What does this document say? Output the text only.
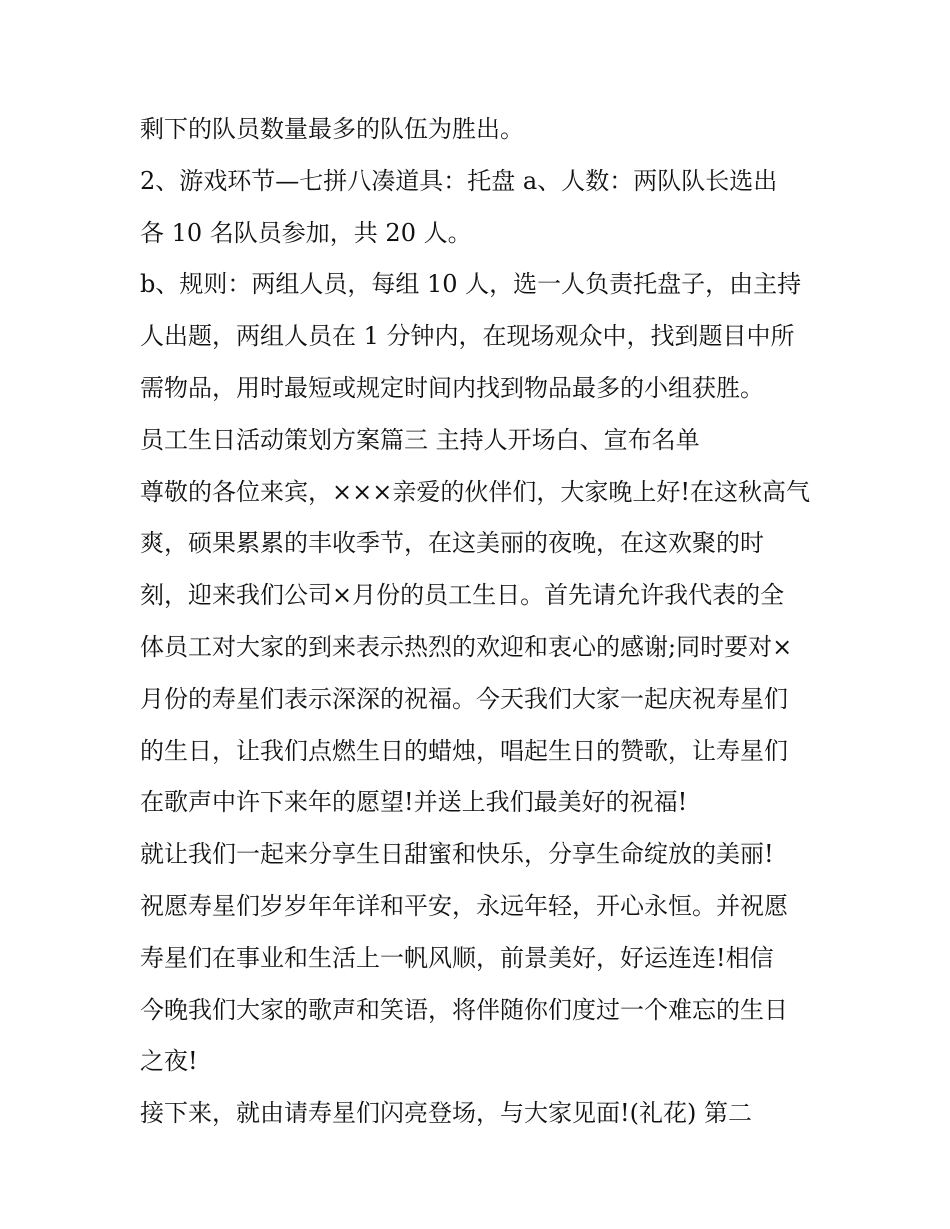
剩下的队员数量最多的队伍为胜出。
2、游戏环节—七拼八凑道具：托盘 a、人数：两队队长选出
各 10 名队员参加，共 20 人。
b、规则：两组人员，每组 10 人，选一人负责托盘子，由主持
人出题，两组人员在 1 分钟内，在现场观众中，找到题目中所
需物品，用时最短或规定时间内找到物品最多的小组获胜。
员工生日活动策划方案篇三 主持人开场白、宣布名单
尊敬的各位来宾，×××亲爱的伙伴们，大家晚上好!在这秋高气
爽，硕果累累的丰收季节，在这美丽的夜晚，在这欢聚的时
刻，迎来我们公司×月份的员工生日。首先请允许我代表的全
体员工对大家的到来表示热烈的欢迎和衷心的感谢;同时要对×
月份的寿星们表示深深的祝福。今天我们大家一起庆祝寿星们
的生日，让我们点燃生日的蜡烛，唱起生日的赞歌，让寿星们
在歌声中许下来年的愿望!并送上我们最美好的祝福!
就让我们一起来分享生日甜蜜和快乐，分享生命绽放的美丽!
祝愿寿星们岁岁年年详和平安，永远年轻，开心永恒。并祝愿
寿星们在事业和生活上一帆风顺，前景美好，好运连连!相信
今晚我们大家的歌声和笑语，将伴随你们度过一个难忘的生日
之夜!
接下来，就由请寿星们闪亮登场，与大家见面!(礼花) 第二
